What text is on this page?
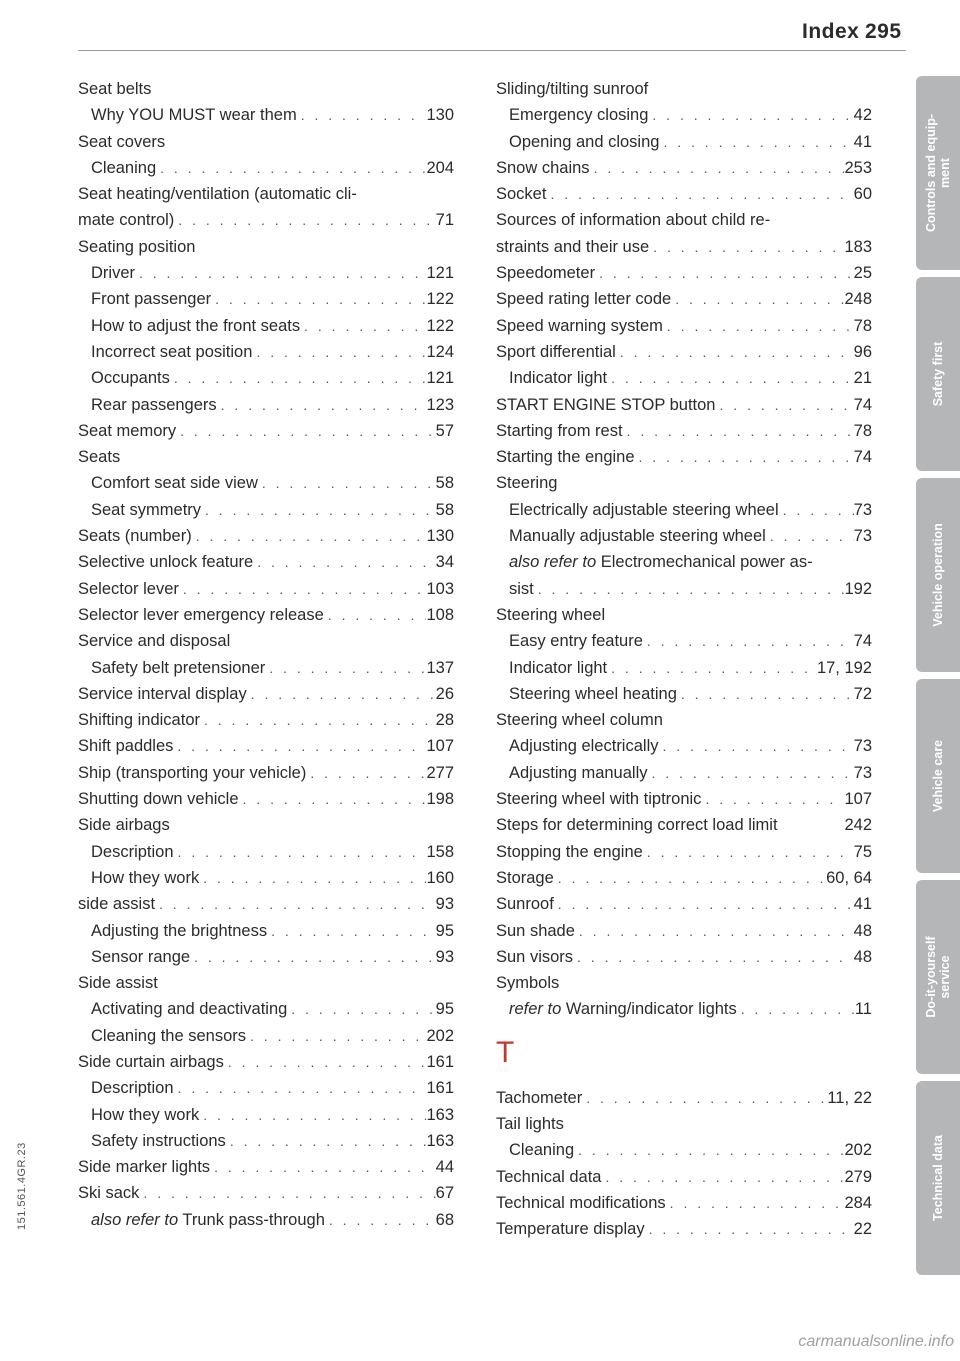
Index 295
Seat belts
Why YOU MUST wear them . . .	130
Seat covers
Cleaning . . .	204
Seat heating/ventilation (automatic cli-
mate control) . . .	71
Seating position
Driver . . .	121
Front passenger . . .	122
How to adjust the front seats . . .	122
Incorrect seat position . . .	124
Occupants . . .	121
Rear passengers . . .	123
Seat memory . . .	57
Seats
Comfort seat side view . . .	58
Seat symmetry . . .	58
Seats (number) . . .	130
Selective unlock feature . . .	34
Selector lever . . .	103
Selector lever emergency release . . .	108
Service and disposal
Safety belt pretensioner . . .	137
Service interval display . . .	26
Shifting indicator . . .	28
Shift paddles . . .	107
Ship (transporting your vehicle) . . .	277
Shutting down vehicle . . .	198
Side airbags
Description . . .	158
How they work . . .	160
side assist . . .	93
Adjusting the brightness . . .	95
Sensor range . . .	93
Side assist
Activating and deactivating . . .	95
Cleaning the sensors . . .	202
Side curtain airbags . . .	161
Description . . .	161
How they work . . .	163
Safety instructions . . .	163
Side marker lights . . .	44
Ski sack . . .	67
also refer to Trunk pass-through . . .	68
Sliding/tilting sunroof
Emergency closing . . .	42
Opening and closing . . .	41
Snow chains . . .	253
Socket . . .	60
Sources of information about child re-
straints and their use . . .	183
Speedometer . . .	25
Speed rating letter code . . .	248
Speed warning system . . .	78
Sport differential . . .	96
Indicator light . . .	21
START ENGINE STOP button . . .	74
Starting from rest . . .	78
Starting the engine . . .	74
Steering
Electrically adjustable steering wheel . . .	73
Manually adjustable steering wheel . . .	73
also refer to Electromechanical power as-
sist . . .	192
Steering wheel
Easy entry feature . . .	74
Indicator light . . .	17, 192
Steering wheel heating . . .	72
Steering wheel column
Adjusting electrically . . .	73
Adjusting manually . . .	73
Steering wheel with tiptronic . . .	107
Steps for determining correct load limit	242
Stopping the engine . . .	75
Storage . . .	60, 64
Sunroof . . .	41
Sun shade . . .	48
Sun visors . . .	48
Symbols
refer to Warning/indicator lights . . .	11
T
Tachometer . . .	11, 22
Tail lights
Cleaning . . .	202
Technical data . . .	279
Technical modifications . . .	284
Temperature display . . .	22
Controls and equip-
ment
Safety first
Vehicle operation
Vehicle care
Do-it-yourself
service
Technical data
151.561.4GR.23
carmanualsonline.info
